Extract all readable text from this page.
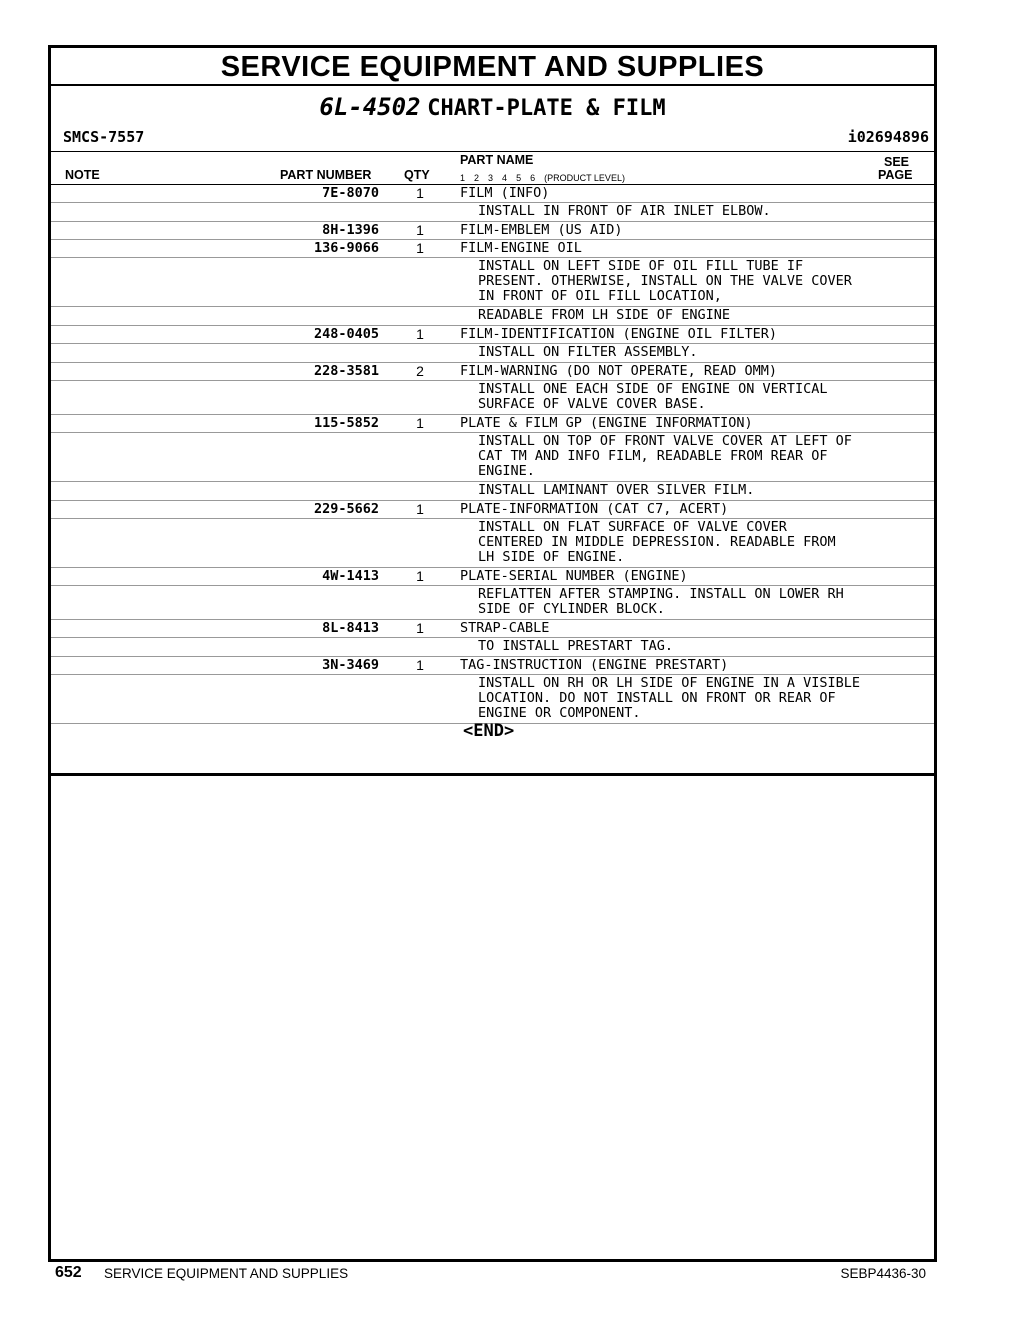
SERVICE EQUIPMENT AND SUPPLIES
6L-4502 CHART-PLATE & FILM
SMCS-7557	i02694896
NOTE	PART NUMBER	QTY
PART NAME
1 2 3 4 5 6 (PRODUCT LEVEL)
SEE
PAGE
7E-8070	1	FILM (INFO)
INSTALL IN FRONT OF AIR INLET ELBOW.
8H-1396	1	FILM-EMBLEM (US AID)
136-9066	1	FILM-ENGINE OIL
INSTALL ON LEFT SIDE OF OIL FILL TUBE IF
PRESENT. OTHERWISE, INSTALL ON THE VALVE COVER
IN FRONT OF OIL FILL LOCATION,
READABLE FROM LH SIDE OF ENGINE
248-0405	1	FILM-IDENTIFICATION (ENGINE OIL FILTER)
INSTALL ON FILTER ASSEMBLY.
228-3581	2	FILM-WARNING (DO NOT OPERATE, READ OMM)
INSTALL ONE EACH SIDE OF ENGINE ON VERTICAL
SURFACE OF VALVE COVER BASE.
115-5852	1	PLATE & FILM GP (ENGINE INFORMATION)
INSTALL ON TOP OF FRONT VALVE COVER AT LEFT OF
CAT TM AND INFO FILM, READABLE FROM REAR OF
ENGINE.
INSTALL LAMINANT OVER SILVER FILM.
229-5662	1	PLATE-INFORMATION (CAT C7, ACERT)
INSTALL ON FLAT SURFACE OF VALVE COVER
CENTERED IN MIDDLE DEPRESSION. READABLE FROM
LH SIDE OF ENGINE.
4W-1413	1	PLATE-SERIAL NUMBER (ENGINE)
REFLATTEN AFTER STAMPING. INSTALL ON LOWER RH
SIDE OF CYLINDER BLOCK.
8L-8413	1	STRAP-CABLE
TO INSTALL PRESTART TAG.
3N-3469	1	TAG-INSTRUCTION (ENGINE PRESTART)
INSTALL ON RH OR LH SIDE OF ENGINE IN A VISIBLE
LOCATION. DO NOT INSTALL ON FRONT OR REAR OF
ENGINE OR COMPONENT.
<END>
652 SERVICE EQUIPMENT AND SUPPLIES	SEBP4436-30
